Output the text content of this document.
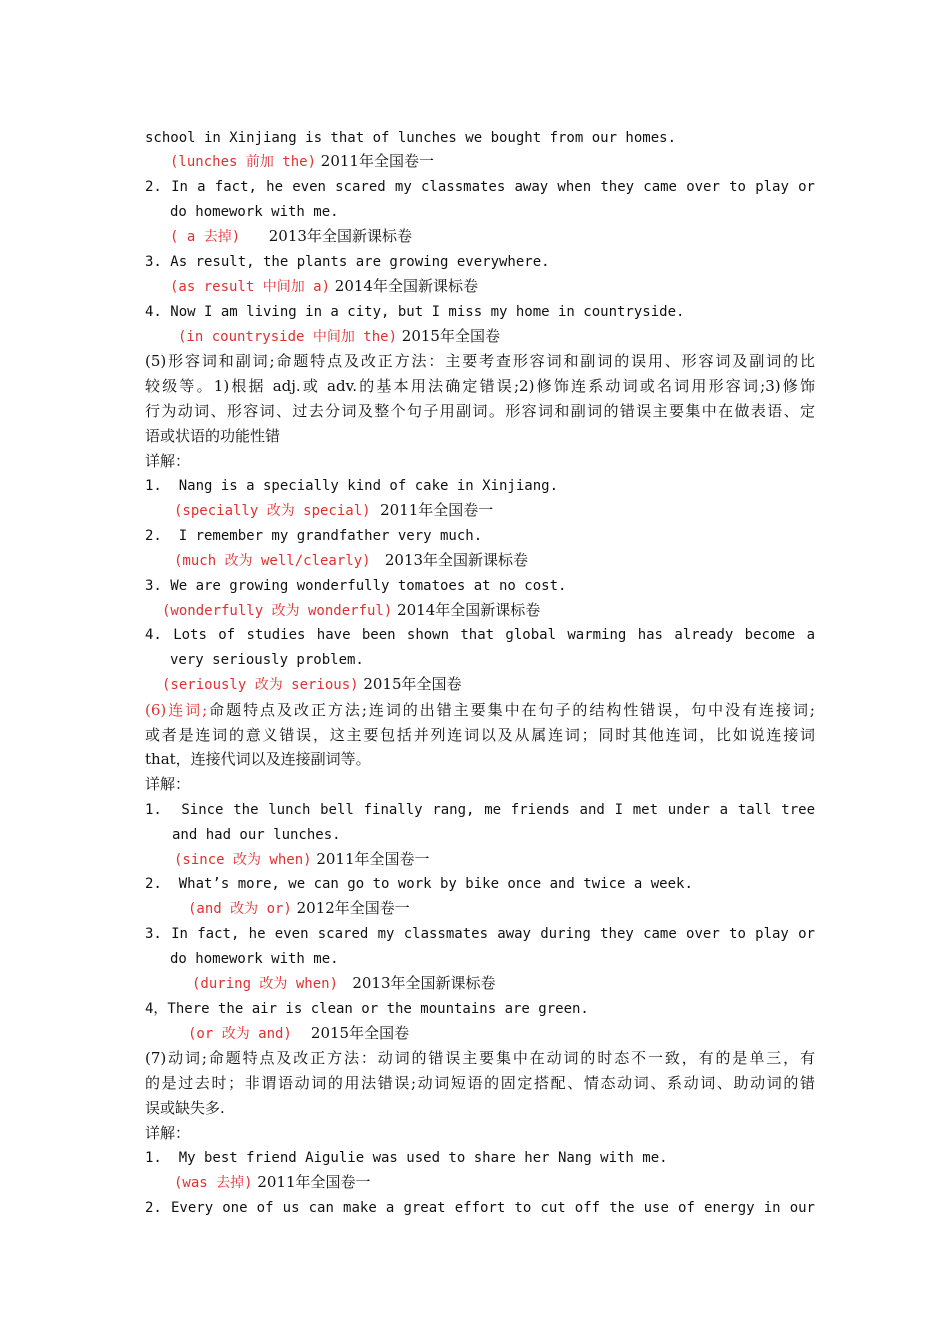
school in Xinjiang is that of lunches we bought from our homes.
(lunches 前加 the) 2011年全国卷一
2. In a fact, he even scared my classmates away when they came over to play or
do homework with me.
( a 去掉)      2013年全国新课标卷
3. As result, the plants are growing everywhere.
(as result 中间加 a) 2014年全国新课标卷
4. Now I am living in a city, but I miss my home in countryside.
(in countryside 中间加 the) 2015年全国卷
(5)形容词和副词;命题特点及改正方法：主要考查形容词和副词的误用、形容词及副词的比
较级等。1)根据 adj.或 adv.的基本用法确定错误;2)修饰连系动词或名词用形容词;3)修饰
行为动词、形容词、过去分词及整个句子用副词。形容词和副词的错误主要集中在做表语、定
语或状语的功能性错
详解：
1.  Nang is a specially kind of cake in Xinjiang.
(specially 改为 special)  2011年全国卷一
2.  I remember my grandfather very much.
(much 改为 well/clearly)   2013年全国新课标卷
3. We are growing wonderfully tomatoes at no cost.
(wonderfully 改为 wonderful) 2014年全国新课标卷
4. Lots of studies have been shown that global warming has already become a
very seriously problem.
(seriously 改为 serious) 2015年全国卷
(6)连词;命题特点及改正方法;连词的出错主要集中在句子的结构性错误，句中没有连接词;
或者是连词的意义错误，这主要包括并列连词以及从属连词；同时其他连词，比如说连接词
that，连接代词以及连接副词等。
详解：
1.  Since the lunch bell finally rang, me friends and I met under a tall tree
and had our lunches.
(since 改为 when) 2011年全国卷一
2.  What’s more, we can go to work by bike once and twice a week.
(and 改为 or) 2012年全国卷一
3. In fact, he even scared my classmates away during they came over to play or
do homework with me.
(during 改为 when)   2013年全国新课标卷
4，There the air is clean or the mountains are green.
(or 改为 and)    2015年全国卷
(7)动词;命题特点及改正方法：动词的错误主要集中在动词的时态不一致，有的是单三，有
的是过去时；非谓语动词的用法错误;动词短语的固定搭配、情态动词、系动词、助动词的错
误或缺失多.
详解：
1.  My best friend Aigulie was used to share her Nang with me.
(was 去掉) 2011年全国卷一
2. Every one of us can make a great effort to cut off the use of energy in our
